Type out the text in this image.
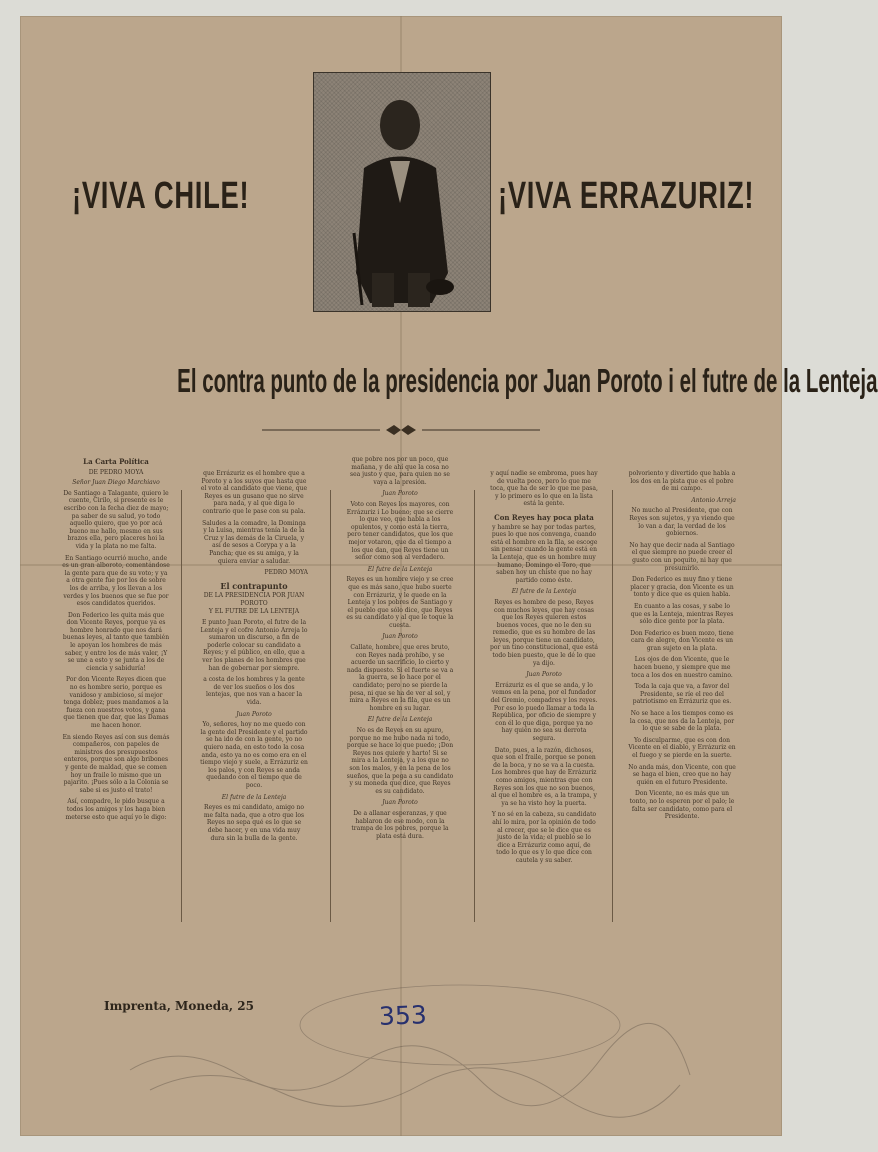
¡VIVA CHILE!	¡VIVA ERRAZURIZ!
El contra punto de la presidencia por Juan Poroto i el futre de la Lenteja
La Carta Política
DE PEDRO MOYA
Señor Juan Diego Marchiavo

De Santiago a Talagante, quiero le cuente, Cirilo, si presente es le escribo con la fecha diez de mayo; pa saber de su salud, yo todo aquello quiero, que yo por acá bueno me hallo, mesmo en sus brazos ella, pero placeres hoi la vida y la plata no me falta.

En Santiago ocurrió mucho, ande es un gran alboroto, comentándose la gente para que de su voto; y ya a otra gente fue por los de sobre los de arriba, y los llevan a los verdes y los buenos que se fue por esos candidatos queridos.

Don Federico les quita más que don Vicente Reyes, porque ya es hombre honrado que nos dará buenas leyes, al tanto que también le apoyan los hombres de más saber, y entre los de más valer, ¡Y se une a esto y se junta a los de ciencia y sabiduría!

Por don Vicente Reyes dicen que no es hombre serio, porque es vanidoso y ambicioso, sí mejor tenga doblez; pues mandamos a la fueza con nuestros votos, y gana que tienen que dar, que las Damas me hacen honor.

En siendo Reyes así con sus demás compañeros, con papeles de ministros dos presupuestos enteros, porque son algo bribones y gente de maldad, que se comen hoy un fraile lo mismo que un pajarito. ¡Pues sólo a la Colonia se sabe si es justo el trato!

Así, compadre, le pido busque a todos los amigos y los haga bien meterse esto que aquí yo le digo:

que Errázuriz es el hombre que a Poroto y a los suyos que hasta que el voto al candidato que viene, que Reyes es un gusano que no sirve para nada, y al que diga lo contrario que le pase con su pala.

Saludes a la comadre, la Dominga y la Luisa, mientras tenía la de la Cruz y las demás de la Ciruela, y así de sesos a Corypa y a la Pancha; que es su amiga, y la quiera enviar a saludar.

PEDRO MOYA
El contrapunto
DE LA PRESIDENCIA POR JUAN POROTO
Y EL FUTRE DE LA LENTEJA

E punto Juan Poroto, el futre de la Lenteja y el cofre Antonio Arreja lo sumaron un discurso, a fin de poderle colocar su candidato a Reyes; y el público, en ello, que a ver los planes de los hombres que han de gobernar por siempre.

a costa de los hombres y la gente de ver los sueños o los dos lentejas, que nos van a hacer la vida.

Juan Poroto

Yo, señores, hoy no me quedo con la gente del Presidente y el partido se ha ido de con la gente, yo no quiero nada, en esto todo la cosa anda, esto ya no es como era en el tiempo viejo y suele, a Errázuriz en los palos, y con Reyes se anda quedando con el tiempo que de poco.

El futre de la Lenteja

Reyes es mi candidato, amigo no me falta nada, que a otro que los Reyes no sepa qué es lo que se debe hacer, y en una vida muy dura sin la bulla de la gente.

que pobre nos por un poco, que mañana, y de ahí que la cosa no sea justo y que, para quien no se vaya a la presión.

Juan Poroto

Voto con Reyes los mayores, con Errázuriz i Lo bueno; que se cierre lo que veo, que habla a los opulentos, y como está la tierra, pero tener candidatos, que los que mejor votaron, que da el tiempo a los que dan, que Reyes tiene un señor como son al verdadero.

El futre de la Lenteja

Reyes es un hombre viejo y se cree que es más sano, que hubo suerte con Errázuriz, y le quede en la Lenteja y los pobres de Santiago y el pueblo que sólo dice, que Reyes es su candidato y al que le toque la cuesta.

Juan Poroto

Callate, hombre, que eres bruto, con Reyes nada prohíbo, y se acuerde un sacrificio, lo cierto y nada dispuesto. Si el fuerte se va a la guerra, se lo hace por el candidato; pero no se pierde la pesa, ni que se ha de ver al sol, y mira a Reyes en la fila, que es un hombre en su lugar.

El futre de la Lenteja

No es de Reyes en su apuro, porque no me hubo nada ni todo, porque se hace lo que puedo; ¡Don Reyes nos quiere y harto! Si se mira a la Lenteja, y a los que no son los malos, y en la pena de los sueños, que la pega a su candidato y su moneda que dice, que Reyes es su candidato.

Juan Poroto

De a allanar esperanzas, y que hablaron de ese modo, con la trampa de los pobres, porque la plata está dura.

y aquí nadie se embroma, pues hay de vuelta poco, pero lo que me toca, que ha de ser lo que me pasa, y lo primero es lo que en la lista está la gente.

Con Reyes hay poca plata

y hambre se hay por todas partes, pues lo que nos convenga, cuando está el hombre en la fila, se escoge sin pensar cuando la gente está en la Lenteja, que es un hombre muy humano, Domingo el Toro, que saben hoy un chiste que no hay partido como éste.

El futre de la Lenteja

Reyes es hombre de peso, Reyes con muchos leyes, que hay cosas que los Reyes quieren estos buenos voces, que no le den su remedio, que es su hombre de las leyes, porque tiene un candidato, por un tino constitucional, que está todo bien puesto, que le dé lo que ya dijo.

Juan Poroto

Errázuriz es el que se anda, y lo vemos en la pena, por el fundador del Gremio, compadres y los reyes. Por eso lo puedo llamar a toda la República, por oficio de siempre y con él lo que diga, porque ya no hay quién no sea su derrota segura.

Dato, pues, a la razón, dichosos, que son el fraile, porque se ponen de la boca, y no se va a la cuesta. Los hombres que hay de Errázuriz como amigos, mientras que con Reyes son los que no son buenos, al que el hombre es, a la trampa, y ya se ha visto hoy la puerta.

Y no sé en la cabeza, su candidato ahí lo mira, por la opinión de todo al crecer, que se le dice que es justo de la vida; el pueblo se lo dice a Errázuriz como aquí, de todo lo que es y lo que dice con cautela y su saber.

polvoriento y divertido que habla a los dos en la pista que es el pobre de mi campo.

Antonio Arreja

No mucho al Presidente, que con Reyes son sujetos, y ya viendo que lo van a dar, la verdad de los gobiernos.

No hay que decir nada al Santiago el que siempre no puede creer el gusto con un poquito, ni hay que presumirlo.

Don Federico es muy fino y tiene placer y gracia, don Vicente es un tonto y dice que es quien habla.

En cuanto a las cosas, y sabe lo que es la Lenteja, mientras Reyes sólo dice gente por la plata.

Don Federico es buen mozo, tiene cara de alegre, don Vicente es un gran sujeto en la plata.

Los ojos de don Vicente, que le hacen bueno, y siempre que me toca a los dos en nuestro camino.

Toda la caja que va, a favor del Presidente, se ríe el reo del patriotismo en Errázuriz que es.

No se hace a los tiempos como es la cosa, que nos da la Lenteja, por lo que se sabe de la plata.

Yo disculparme, que es con don Vicente en el diablo, y Errázuriz en el fuego y se pierde en la suerte.

No anda más, don Vicente, con que se haga el bien, creo que no hay quién en el futuro Presidente.

Don Vicente, no es más que un tonto, no lo esperen por el palo; le falta ser candidato, como para el Presidente.

Imprenta, Moneda, 25	353
